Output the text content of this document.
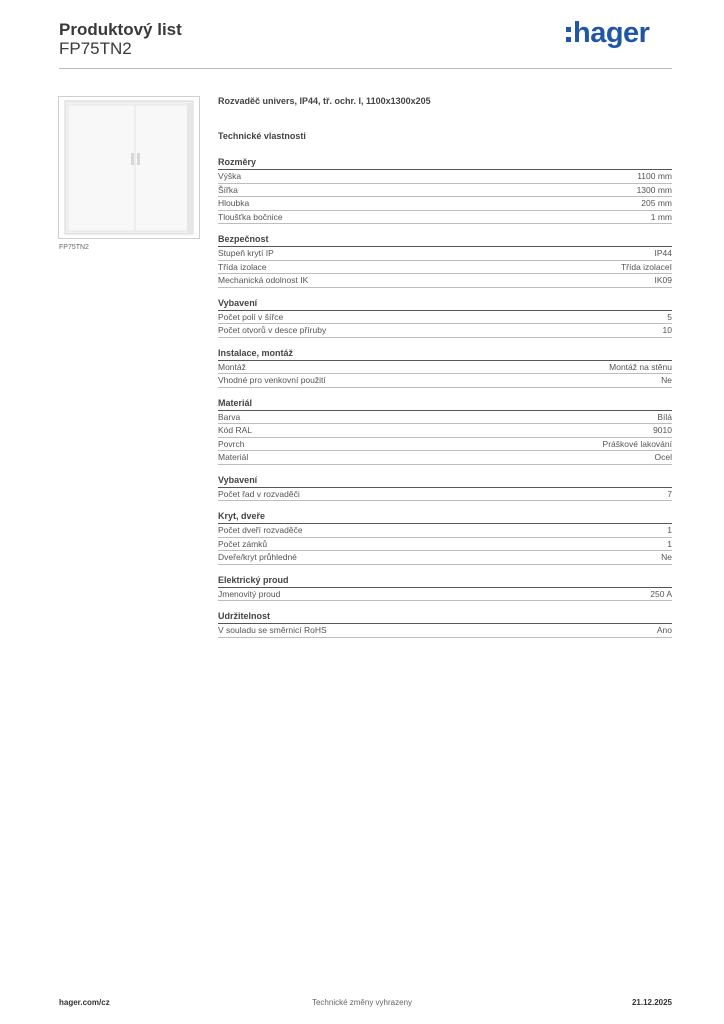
Produktový list
FP75TN2	hager
FP75TN2
Rozvaděč univers, IP44, tř. ochr. I, 1100x1300x205
Technické vlastnosti
Rozměry
Výška	1100 mm
Šířka	1300 mm
Hloubka	205 mm
Tloušťka bočnice	1 mm
Bezpečnost
Stupeň krytí IP	IP44
Třída izolace	Třída izolaceI
Mechanická odolnost IK	IK09
Vybavení
Počet polí v šířce	5
Počet otvorů v desce příruby	10
Instalace, montáž
Montáž	Montáž na stěnu
Vhodné pro venkovní použití	Ne
Materiál
Barva	Bílá
Kód RAL	9010
Povrch	Práškové lakování
Materiál	Ocel
Vybavení
Počet řad v rozvaděči	7
Kryt, dveře
Počet dveří rozvaděče	1
Počet zámků	1
Dveře/kryt průhledné	Ne
Elektrický proud
Jmenovitý proud	250 A
Udržitelnost
V souladu se směrnicí RoHS	Ano
hager.com/cz	Technické změny vyhrazeny	21.12.2025
